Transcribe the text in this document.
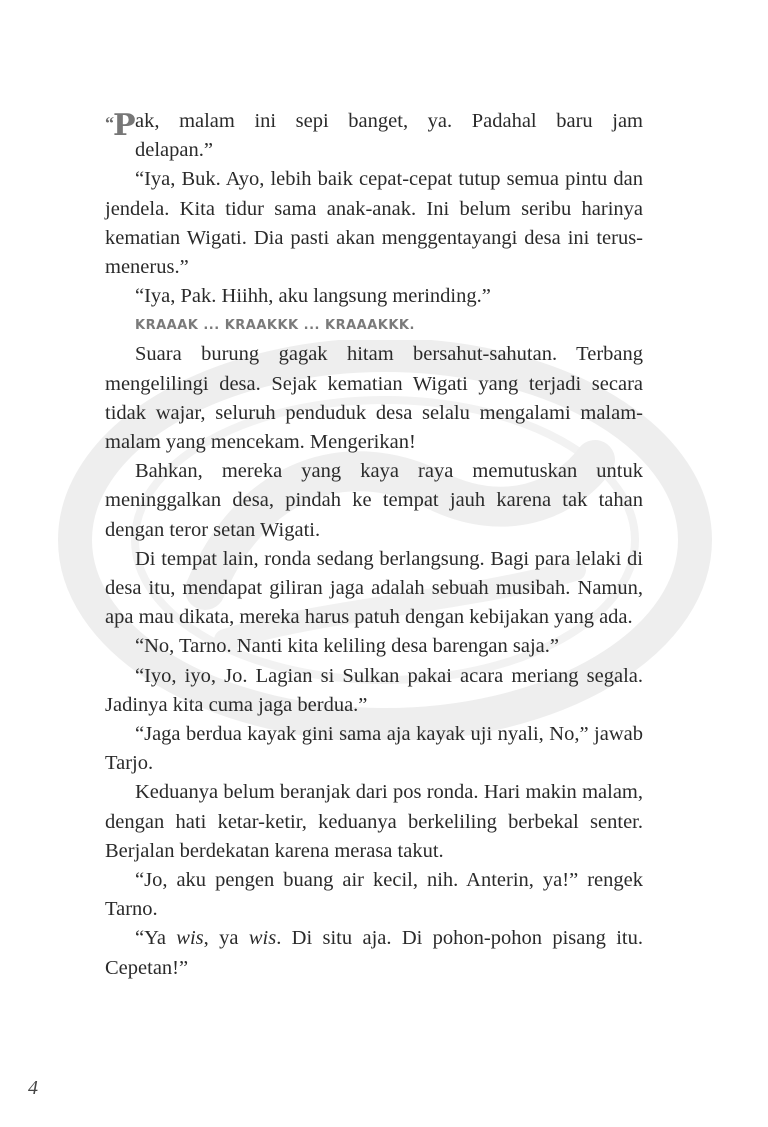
“P ak, malam ini sepi banget, ya. Padahal baru jam
delapan.”

“Iya, Buk. Ayo, lebih baik cepat-cepat tutup semua pintu dan jendela. Kita tidur sama anak-anak. Ini belum seribu harinya kematian Wigati. Dia pasti akan menggentayangi desa ini terus-menerus.”

“Iya, Pak. Hiihh, aku langsung merinding.”

KRAAAK ... KRAAKKK ... KRAAAKKK.

Suara burung gagak hitam bersahut-sahutan. Terbang mengelilingi desa. Sejak kematian Wigati yang terjadi secara tidak wajar, seluruh penduduk desa selalu mengalami malam-malam yang mencekam. Mengerikan!

Bahkan, mereka yang kaya raya memutuskan untuk meninggalkan desa, pindah ke tempat jauh karena tak tahan dengan teror setan Wigati.

Di tempat lain, ronda sedang berlangsung. Bagi para lelaki di desa itu, mendapat giliran jaga adalah sebuah musibah. Namun, apa mau dikata, mereka harus patuh dengan kebijakan yang ada.

“No, Tarno. Nanti kita keliling desa barengan saja.”

“Iyo, iyo, Jo. Lagian si Sulkan pakai acara meriang segala. Jadinya kita cuma jaga berdua.”

“Jaga berdua kayak gini sama aja kayak uji nyali, No,” jawab Tarjo.

Keduanya belum beranjak dari pos ronda. Hari makin malam, dengan hati ketar-ketir, keduanya berkeliling berbekal senter. Berjalan berdekatan karena merasa takut.

“Jo, aku pengen buang air kecil, nih. Anterin, ya!” rengek Tarno.

“Ya wis, ya wis. Di situ aja. Di pohon-pohon pisang itu. Cepetan!”

4
